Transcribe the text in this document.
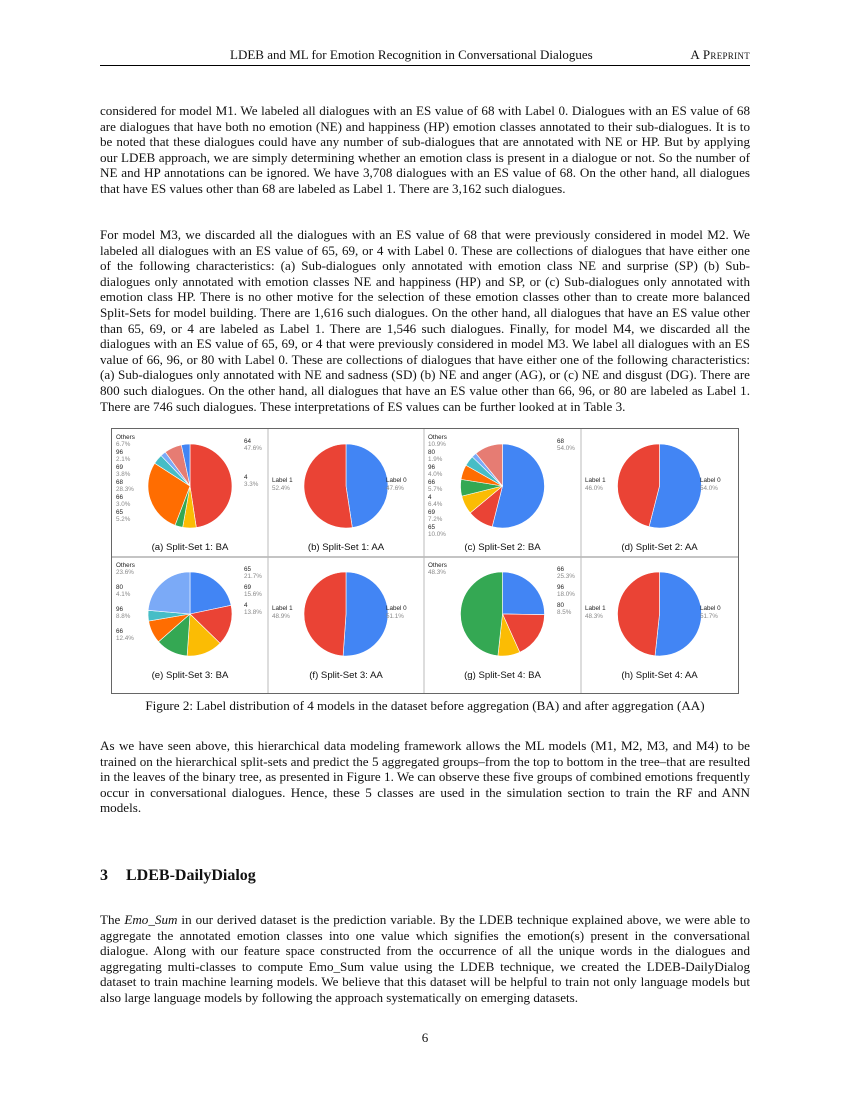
LDEB and ML for Emotion Recognition in Conversational Dialogues	A Preprint

considered for model M1. We labeled all dialogues with an ES value of 68 with Label 0. Dialogues with an ES value of 68 are dialogues that have both no emotion (NE) and happiness (HP) emotion classes annotated to their sub-dialogues. It is to be noted that these dialogues could have any number of sub-dialogues that are annotated with NE or HP. But by applying our LDEB approach, we are simply determining whether an emotion class is present in a dialogue or not. So the number of NE and HP annotations can be ignored. We have 3,708 dialogues with an ES value of 68. On the other hand, all dialogues that have ES values other than 68 are labeled as Label 1. There are 3,162 such dialogues.

For model M3, we discarded all the dialogues with an ES value of 68 that were previously considered in model M2. We labeled all dialogues with an ES value of 65, 69, or 4 with Label 0. These are collections of dialogues that have either one of the following characteristics: (a) Sub-dialogues only annotated with emotion class NE and surprise (SP) (b) Sub-dialogues only annotated with emotion classes NE and happiness (HP) and SP, or (c) Sub-dialogues only annotated with emotion class HP. There is no other motive for the selection of these emotion classes other than to create more balanced Split-Sets for model building. There are 1,616 such dialogues. On the other hand, all dialogues that have an ES value other than 65, 69, or 4 are labeled as Label 1. There are 1,546 such dialogues. Finally, for model M4, we discarded all the dialogues with an ES value of 65, 69, or 4 that were previously considered in model M3. We label all dialogues with an ES value of 66, 96, or 80 with Label 0. These are collections of dialogues that have either one of the following characteristics: (a) Sub-dialogues only annotated with NE and sadness (SD) (b) NE and anger (AG), or (c) NE and disgust (DG). There are 800 such dialogues. On the other hand, all dialogues that have an ES value other than 66, 96, or 80 are labeled as Label 1. There are 746 such dialogues. These interpretations of ES values can be further looked at in Table 3.

64
47.6%
4
3.3%
Others
6.7%
96
2.1%
69
3.8%
68
28.3%
66
3.0%
65
5.2%
(a) Split-Set 1: BA
Label 0
47.6%
Label 1
52.4%
(b) Split-Set 1: AA
68
54.0%
Others
10.9%
80
1.9%
96
4.0%
66
5.7%
4
6.4%
69
7.2%
65
10.0%
(c) Split-Set 2: BA
Label 0
54.0%
Label 1
46.0%
(d) Split-Set 2: AA
65
21.7%
69
15.6%
4
13.8%
Others
23.6%
80
4.1%
96
8.8%
66
12.4%
(e) Split-Set 3: BA
Label 0
51.1%
Label 1
48.9%
(f) Split-Set 3: AA
66
25.3%
96
18.0%
80
8.5%
Others
48.3%
(g) Split-Set 4: BA
Label 0
51.7%
Label 1
48.3%
(h) Split-Set 4: AA
Figure 2: Label distribution of 4 models in the dataset before aggregation (BA) and after aggregation (AA)

As we have seen above, this hierarchical data modeling framework allows the ML models (M1, M2, M3, and M4) to be trained on the hierarchical split-sets and predict the 5 aggregated groups–from the top to bottom in the tree–that are resulted in the leaves of the binary tree, as presented in Figure 1. We can observe these five groups of combined emotions frequently occur in conversational dialogues. Hence, these 5 classes are used in the simulation section to train the RF and ANN models.

3 LDEB-DailyDialog

The Emo_Sum in our derived dataset is the prediction variable. By the LDEB technique explained above, we were able to aggregate the annotated emotion classes into one value which signifies the emotion(s) present in the conversational dialogue. Along with our feature space constructed from the occurrence of all the unique words in the dialogues and aggregating multi-classes to compute Emo_Sum value using the LDEB technique, we created the LDEB-DailyDialog dataset to train machine learning models. We believe that this dataset will be helpful to train not only language models but also large language models by following the approach systematically on emerging datasets.

6
